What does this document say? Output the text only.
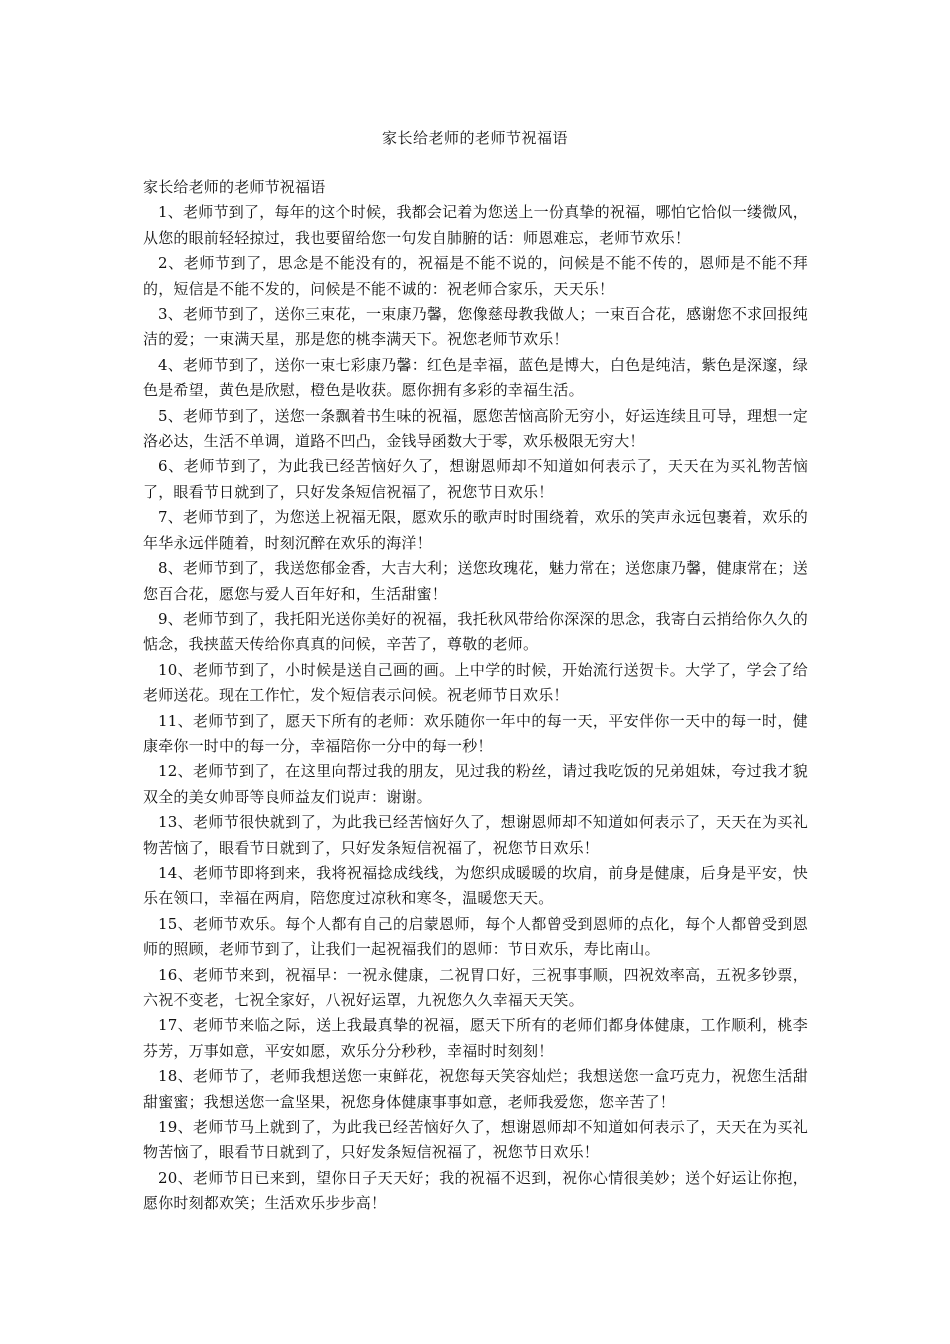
家长给老师的老师节祝福语

家长给老师的老师节祝福语

1、老师节到了，每年的这个时候，我都会记着为您送上一份真挚的祝福，哪怕它恰似一缕微风，从您的眼前轻轻掠过，我也要留给您一句发自肺腑的话：师恩难忘，老师节欢乐！

2、老师节到了，思念是不能没有的，祝福是不能不说的，问候是不能不传的，恩师是不能不拜的，短信是不能不发的，问候是不能不诚的：祝老师合家乐，天天乐！

3、老师节到了，送你三束花，一束康乃馨，您像慈母教我做人；一束百合花，感谢您不求回报纯洁的爱；一束满天星，那是您的桃李满天下。祝您老师节欢乐！

4、老师节到了，送你一束七彩康乃馨：红色是幸福，蓝色是博大，白色是纯洁，紫色是深邃，绿色是希望，黄色是欣慰，橙色是收获。愿你拥有多彩的幸福生活。

5、老师节到了，送您一条飘着书生味的祝福，愿您苦恼高阶无穷小，好运连续且可导，理想一定洛必达，生活不单调，道路不凹凸，金钱导函数大于零，欢乐极限无穷大！

6、老师节到了，为此我已经苦恼好久了，想谢恩师却不知道如何表示了，天天在为买礼物苦恼了，眼看节日就到了，只好发条短信祝福了，祝您节日欢乐！

7、老师节到了，为您送上祝福无限，愿欢乐的歌声时时围绕着，欢乐的笑声永远包裹着，欢乐的年华永远伴随着，时刻沉醉在欢乐的海洋！

8、老师节到了，我送您郁金香，大吉大利；送您玫瑰花，魅力常在；送您康乃馨，健康常在；送您百合花，愿您与爱人百年好和，生活甜蜜！

9、老师节到了，我托阳光送你美好的祝福，我托秋风带给你深深的思念，我寄白云捎给你久久的惦念，我挟蓝天传给你真真的问候，辛苦了，尊敬的老师。

10、老师节到了，小时候是送自己画的画。上中学的时候，开始流行送贺卡。大学了，学会了给老师送花。现在工作忙，发个短信表示问候。祝老师节日欢乐！

11、老师节到了，愿天下所有的老师：欢乐随你一年中的每一天，平安伴你一天中的每一时，健康牵你一时中的每一分，幸福陪你一分中的每一秒！

12、老师节到了，在这里向帮过我的朋友，见过我的粉丝，请过我吃饭的兄弟姐妹，夸过我才貌双全的美女帅哥等良师益友们说声：谢谢。

13、老师节很快就到了，为此我已经苦恼好久了，想谢恩师却不知道如何表示了，天天在为买礼物苦恼了，眼看节日就到了，只好发条短信祝福了，祝您节日欢乐！

14、老师节即将到来，我将祝福捻成线线，为您织成暖暖的坎肩，前身是健康，后身是平安，快乐在领口，幸福在两肩，陪您度过凉秋和寒冬，温暖您天天。

15、老师节欢乐。每个人都有自己的启蒙恩师，每个人都曾受到恩师的点化，每个人都曾受到恩师的照顾，老师节到了，让我们一起祝福我们的恩师：节日欢乐，寿比南山。

16、老师节来到，祝福早：一祝永健康，二祝胃口好，三祝事事顺，四祝效率高，五祝多钞票，六祝不变老，七祝全家好，八祝好运罩，九祝您久久幸福天天笑。

17、老师节来临之际，送上我最真挚的祝福，愿天下所有的老师们都身体健康，工作顺利，桃李芬芳，万事如意，平安如愿，欢乐分分秒秒，幸福时时刻刻！

18、老师节了，老师我想送您一束鲜花，祝您每天笑容灿烂；我想送您一盒巧克力，祝您生活甜甜蜜蜜；我想送您一盒坚果，祝您身体健康事事如意，老师我爱您，您辛苦了！

19、老师节马上就到了，为此我已经苦恼好久了，想谢恩师却不知道如何表示了，天天在为买礼物苦恼了，眼看节日就到了，只好发条短信祝福了，祝您节日欢乐！

20、老师节日已来到，望你日子天天好；我的祝福不迟到，祝你心情很美妙；送个好运让你抱，愿你时刻都欢笑；生活欢乐步步高！
